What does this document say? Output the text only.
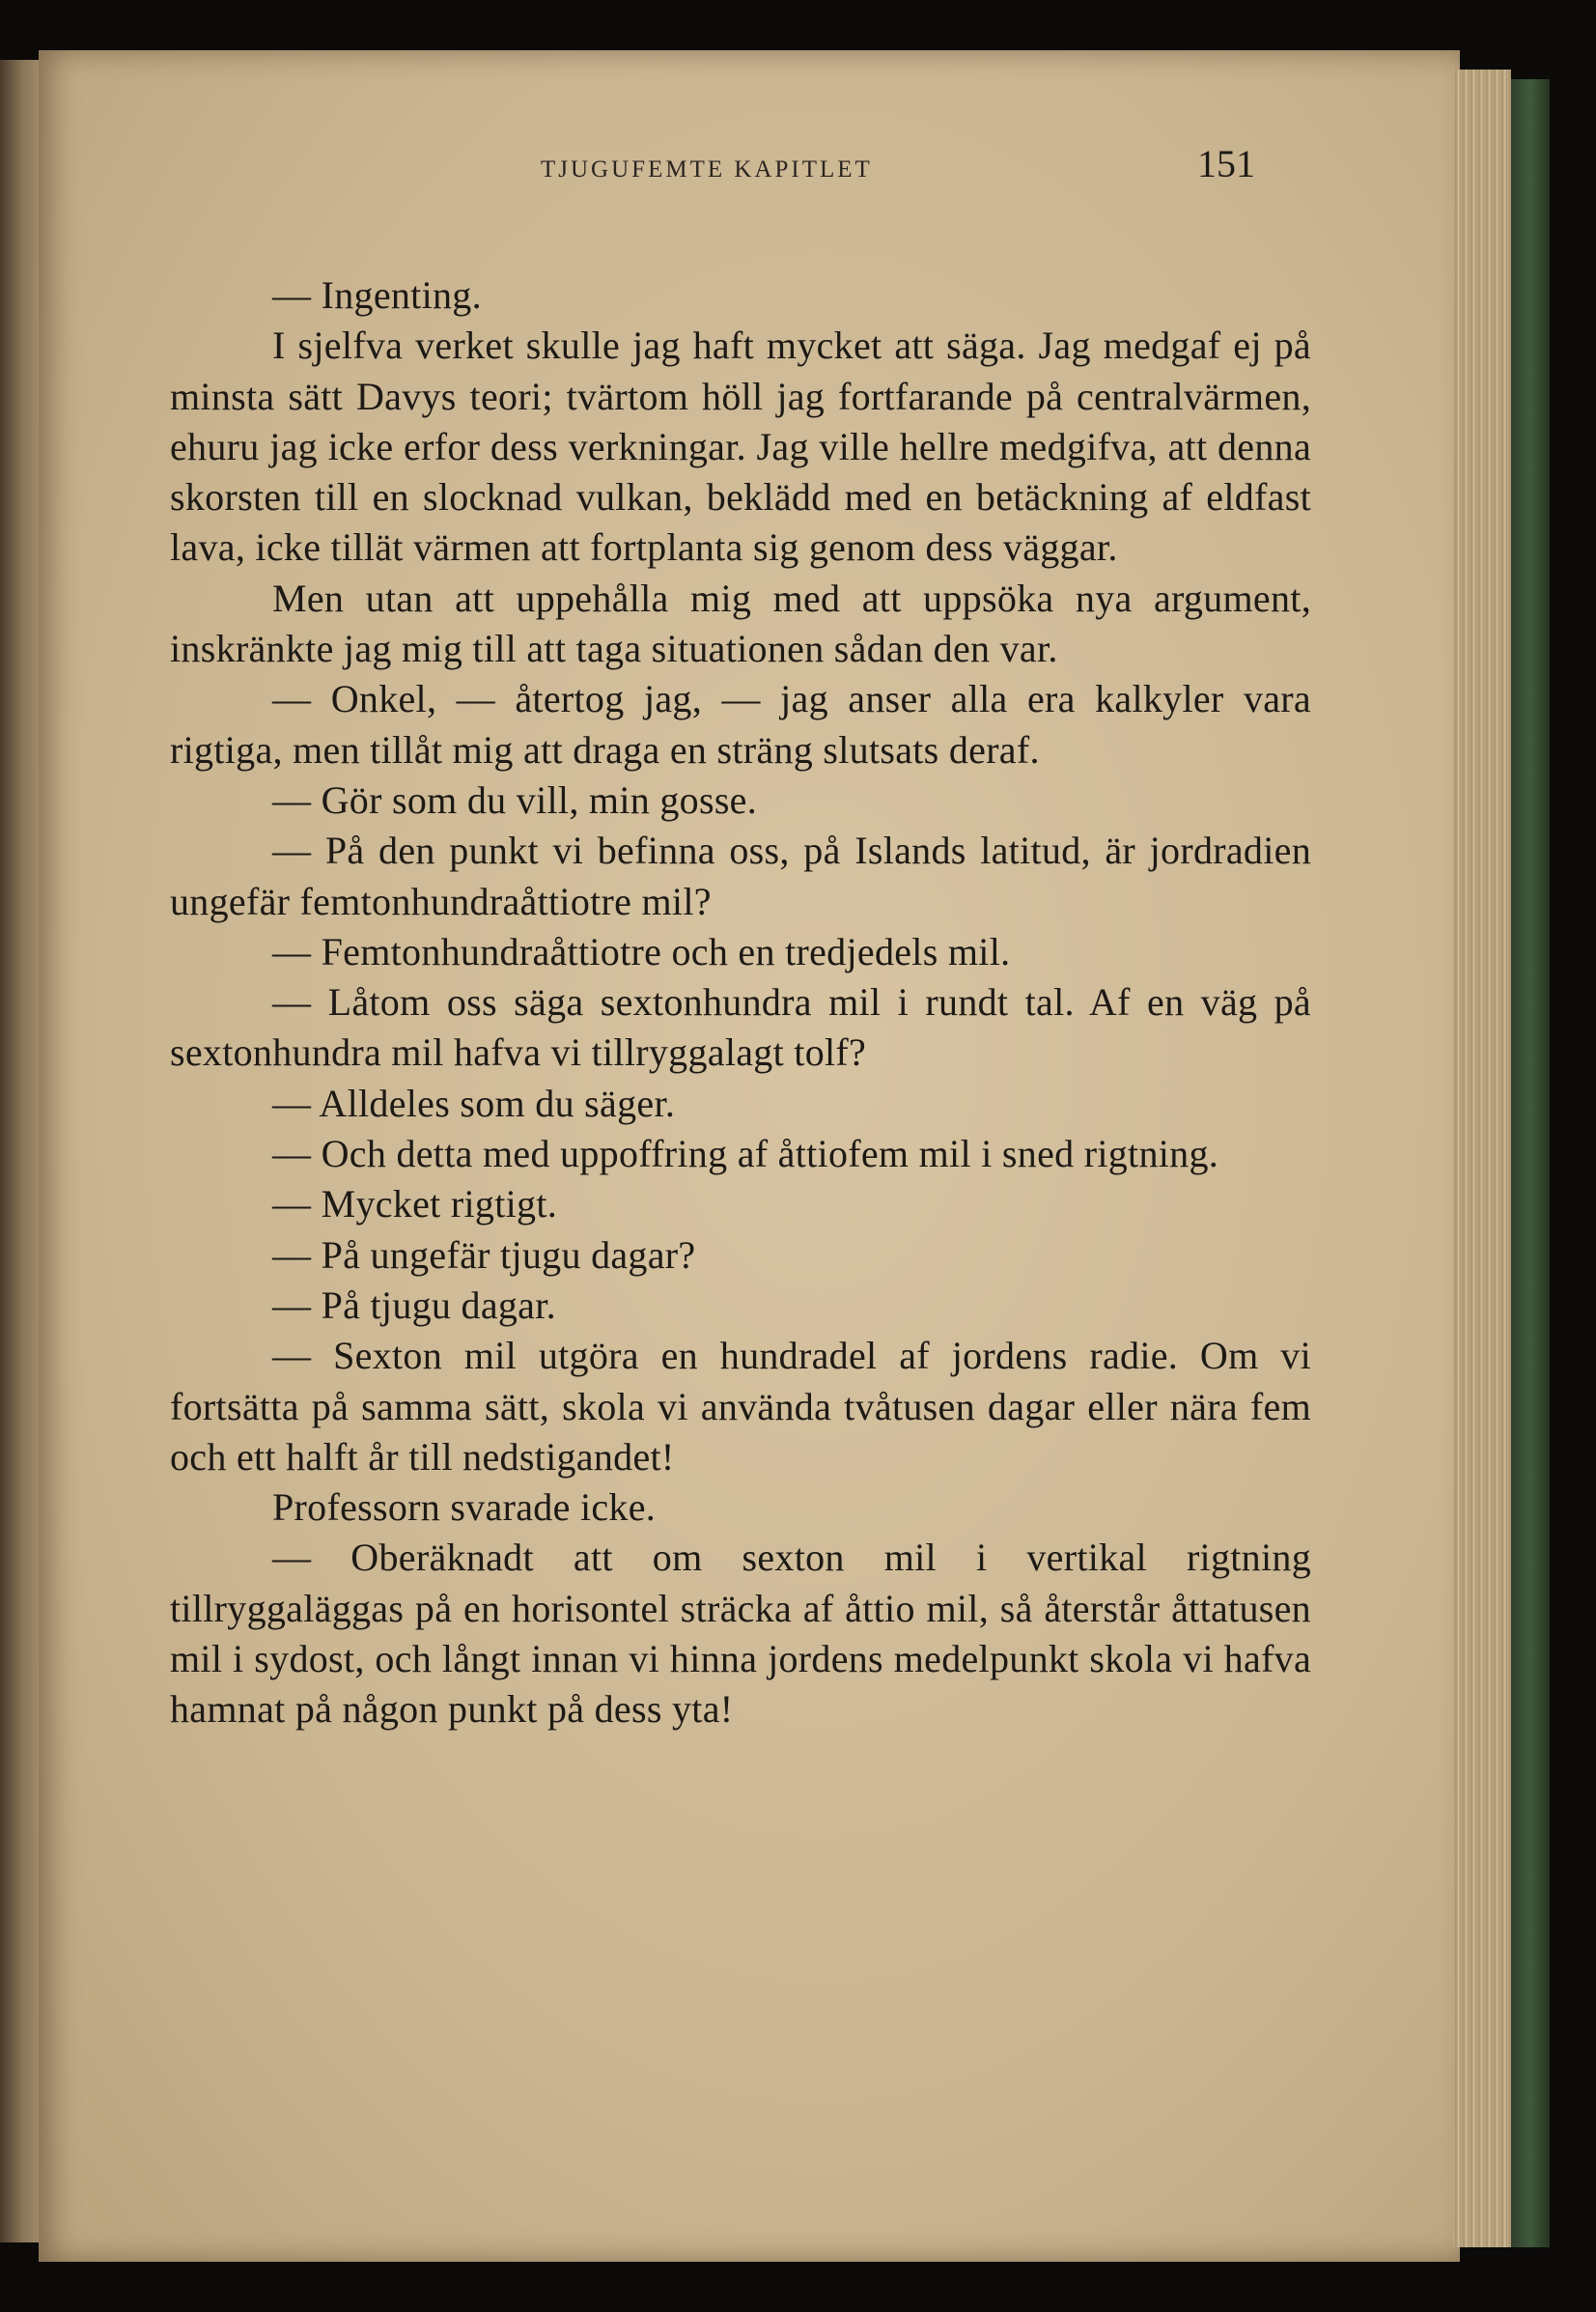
TJUGUFEMTE KAPITLET	151

— Ingenting.

I sjelfva verket skulle jag haft mycket att säga. Jag medgaf ej på minsta sätt Davys teori; tvärtom höll jag fortfarande på centralvärmen, ehuru jag icke erfor dess verkningar. Jag ville hellre medgifva, att denna skorsten till en slocknad vulkan, beklädd med en betäckning af eldfast lava, icke tillät värmen att fortplanta sig genom dess väggar.

Men utan att uppehålla mig med att uppsöka nya argument, inskränkte jag mig till att taga situationen sådan den var.

— Onkel, — återtog jag, — jag anser alla era kalkyler vara rigtiga, men tillåt mig att draga en sträng slutsats deraf.

— Gör som du vill, min gosse.

— På den punkt vi befinna oss, på Islands latitud, är jordradien ungefär femtonhundraåttiotre mil?

— Femtonhundraåttiotre och en tredjedels mil.

— Låtom oss säga sextonhundra mil i rundt tal. Af en väg på sextonhundra mil hafva vi tillryggalagt tolf?

— Alldeles som du säger.

— Och detta med uppoffring af åttiofem mil i sned rigtning.

— Mycket rigtigt.

— På ungefär tjugu dagar?

— På tjugu dagar.

— Sexton mil utgöra en hundradel af jordens radie. Om vi fortsätta på samma sätt, skola vi använda tvåtusen dagar eller nära fem och ett halft år till nedstigandet!

Professorn svarade icke.

— Oberäknadt att om sexton mil i vertikal rigtning tillryggaläggas på en horisontel sträcka af åttio mil, så återstår åttatusen mil i sydost, och långt innan vi hinna jordens medelpunkt skola vi hafva hamnat på någon punkt på dess yta!
